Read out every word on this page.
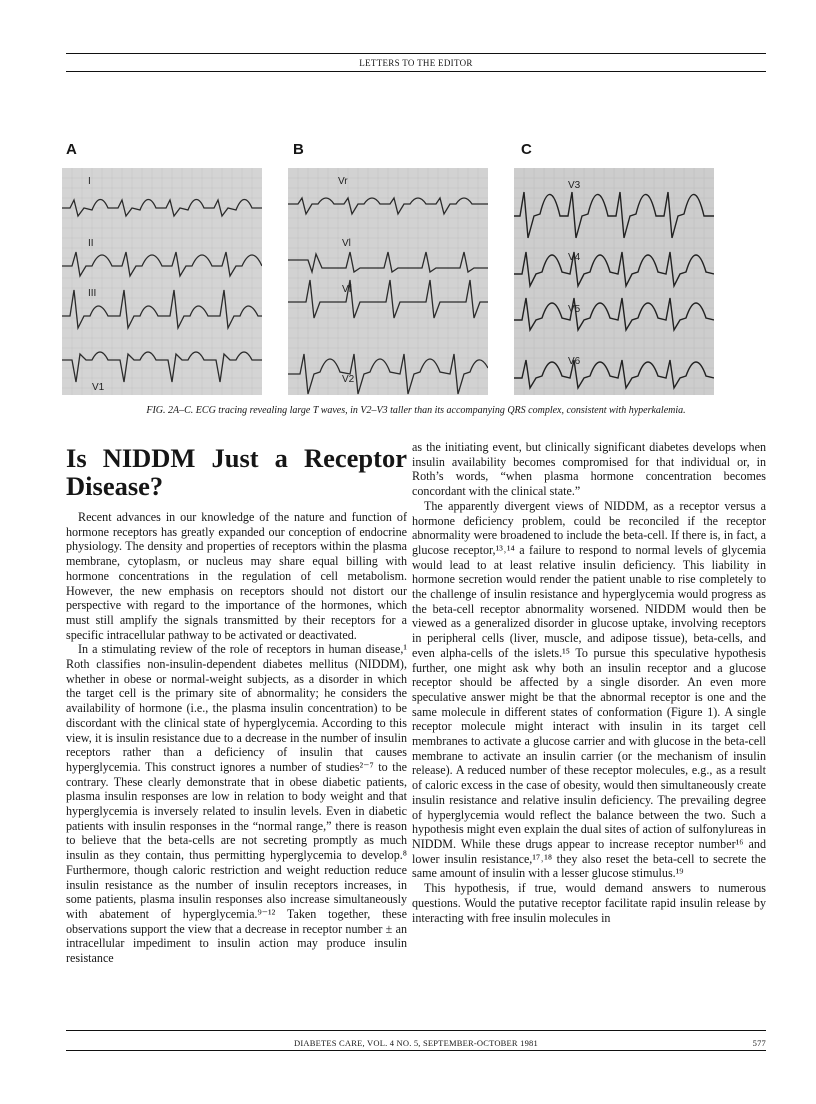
LETTERS TO THE EDITOR
A	B	C
I
II
III
V1
Vr
Vl
Vf
V2
V3
V4
V5
V6
FIG. 2A–C. ECG tracing revealing large T waves, in V2–V3 taller than its accompanying QRS complex, consistent with hyperkalemia.
Is NIDDM Just a Receptor Disease?

Recent advances in our knowledge of the nature and function of hormone receptors has greatly expanded our conception of endocrine physiology. The density and properties of receptors within the plasma membrane, cytoplasm, or nucleus may share equal billing with hormone concentrations in the regulation of cell metabolism. However, the new emphasis on receptors should not distort our perspective with regard to the importance of the hormones, which must still amplify the signals transmitted by their receptors for a specific intracellular pathway to be activated or deactivated.

In a stimulating review of the role of receptors in human disease,¹ Roth classifies non-insulin-dependent diabetes mellitus (NIDDM), whether in obese or normal-weight subjects, as a disorder in which the target cell is the primary site of abnormality; he considers the availability of hormone (i.e., the plasma insulin concentration) to be discordant with the clinical state of hyperglycemia. According to this view, it is insulin resistance due to a decrease in the number of insulin receptors rather than a deficiency of insulin that causes hyperglycemia. This construct ignores a number of studies²⁻⁷ to the contrary. These clearly demonstrate that in obese diabetic patients, plasma insulin responses are low in relation to body weight and that hyperglycemia is inversely related to insulin levels. Even in diabetic patients with insulin responses in the “normal range,” there is reason to believe that the beta-cells are not secreting promptly as much insulin as they contain, thus permitting hyperglycemia to develop.⁸ Furthermore, though caloric restriction and weight reduction reduce insulin resistance as the number of insulin receptors increases, in some patients, plasma insulin responses also increase simultaneously with abatement of hyperglycemia.⁹⁻¹² Taken together, these observations support the view that a decrease in receptor number ± an intracellular impediment to insulin action may produce insulin resistance

as the initiating event, but clinically significant diabetes develops when insulin availability becomes compromised for that individual or, in Roth’s words, “when plasma hormone concentration becomes concordant with the clinical state.”

The apparently divergent views of NIDDM, as a receptor versus a hormone deficiency problem, could be reconciled if the receptor abnormality were broadened to include the beta-cell. If there is, in fact, a glucose receptor,¹³˒¹⁴ a failure to respond to normal levels of glycemia would lead to at least relative insulin deficiency. This liability in hormone secretion would render the patient unable to rise completely to the challenge of insulin resistance and hyperglycemia would progress as the beta-cell receptor abnormality worsened. NIDDM would then be viewed as a generalized disorder in glucose uptake, involving receptors in peripheral cells (liver, muscle, and adipose tissue), beta-cells, and even alpha-cells of the islets.¹⁵ To pursue this speculative hypothesis further, one might ask why both an insulin receptor and a glucose receptor should be affected by a single disorder. An even more speculative answer might be that the abnormal receptor is one and the same molecule in different states of conformation (Figure 1). A single receptor molecule might interact with insulin in its target cell membranes to activate a glucose carrier and with glucose in the beta-cell membrane to activate an insulin carrier (or the mechanism of insulin release). A reduced number of these receptor molecules, e.g., as a result of caloric excess in the case of obesity, would then simultaneously create insulin resistance and relative insulin deficiency. The prevailing degree of hyperglycemia would reflect the balance between the two. Such a hypothesis might even explain the dual sites of action of sulfonylureas in NIDDM. While these drugs appear to increase receptor number¹⁶ and lower insulin resistance,¹⁷˒¹⁸ they also reset the beta-cell to secrete the same amount of insulin with a lesser glucose stimulus.¹⁹

This hypothesis, if true, would demand answers to numerous questions. Would the putative receptor facilitate rapid insulin release by interacting with free insulin molecules in

DIABETES CARE, VOL. 4 NO. 5, SEPTEMBER-OCTOBER 1981	577
